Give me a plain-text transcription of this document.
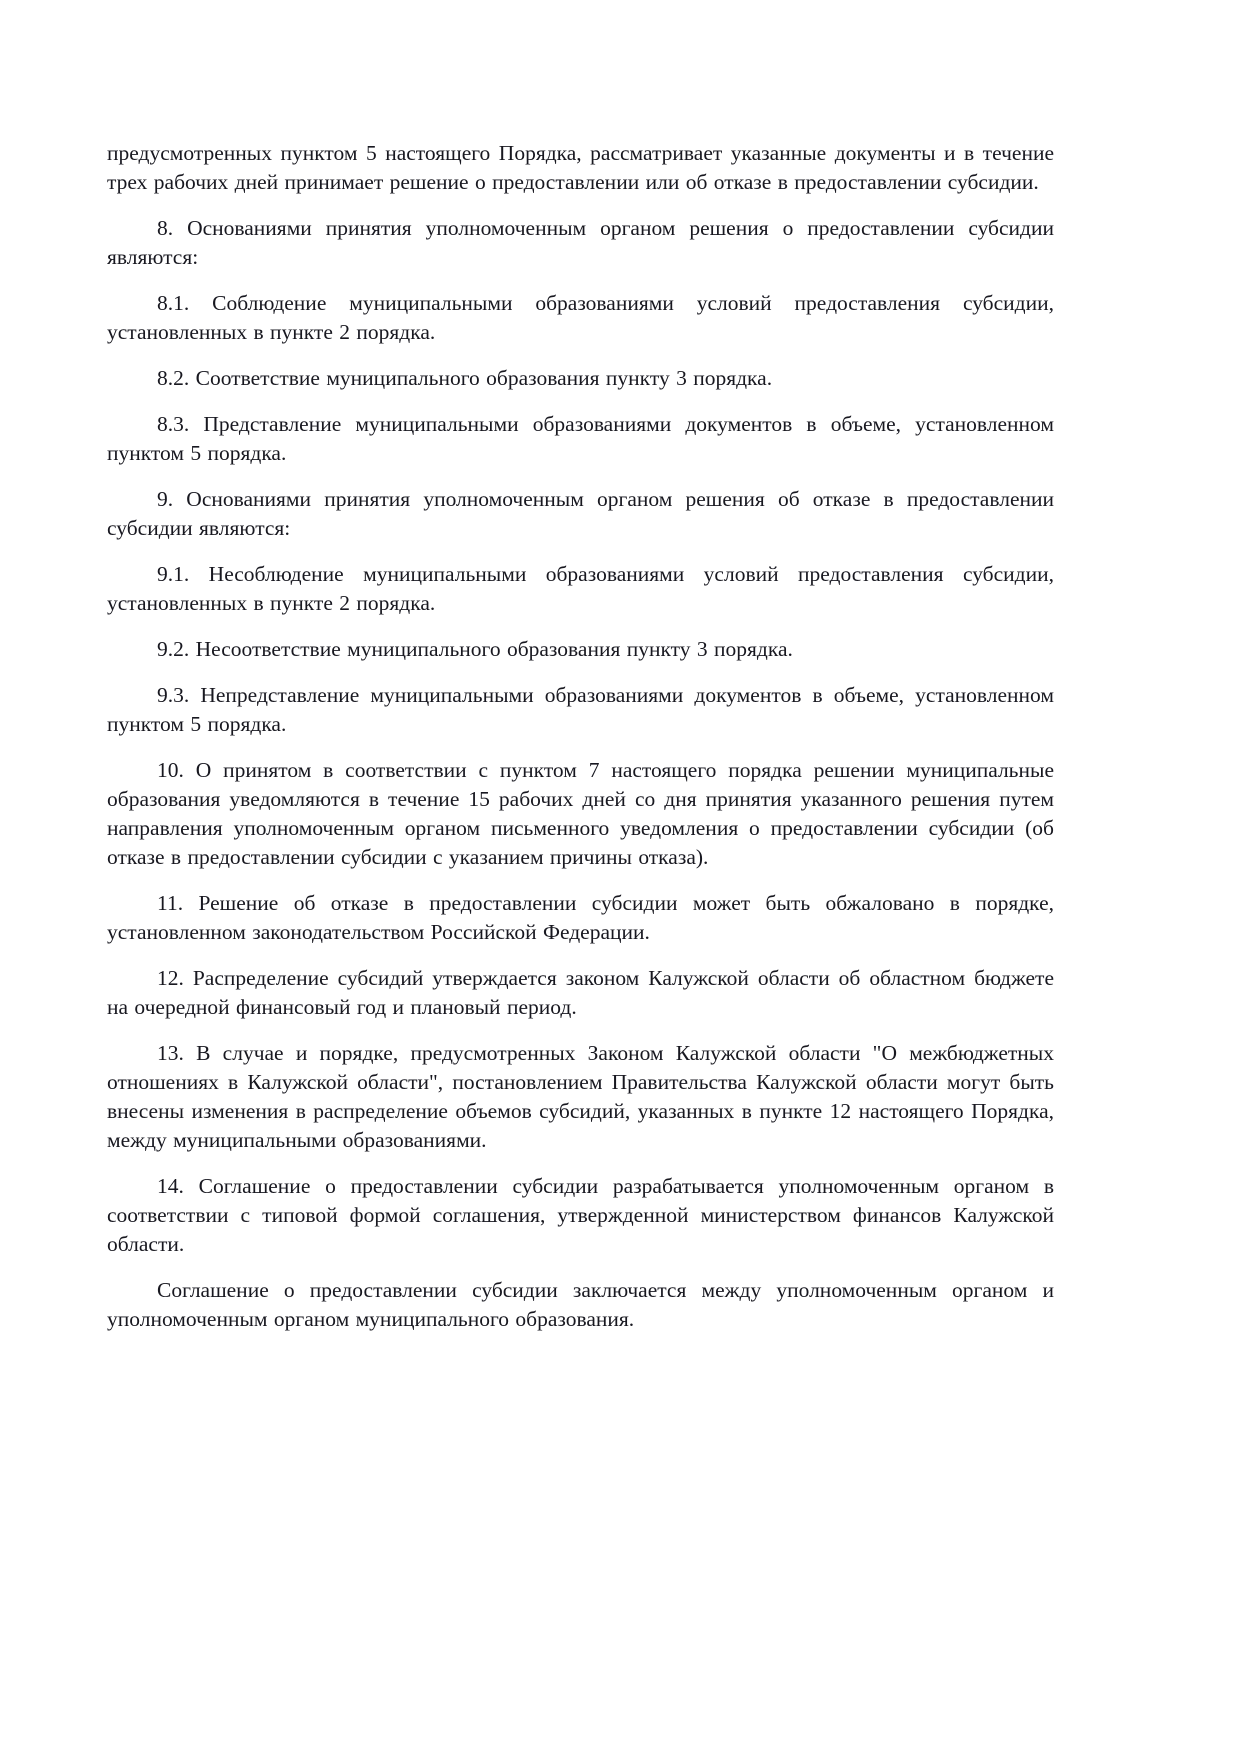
предусмотренных пунктом 5 настоящего Порядка, рассматривает указанные документы и в течение трех рабочих дней принимает решение о предоставлении или об отказе в предоставлении субсидии.

8. Основаниями принятия уполномоченным органом решения о предоставлении субсидии являются:

8.1. Соблюдение муниципальными образованиями условий предоставления субсидии, установленных в пункте 2 порядка.

8.2. Соответствие муниципального образования пункту 3 порядка.

8.3. Представление муниципальными образованиями документов в объеме, установленном пунктом 5 порядка.

9. Основаниями принятия уполномоченным органом решения об отказе в предоставлении субсидии являются:

9.1. Несоблюдение муниципальными образованиями условий предоставления субсидии, установленных в пункте 2 порядка.

9.2. Несоответствие муниципального образования пункту 3 порядка.

9.3. Непредставление муниципальными образованиями документов в объеме, установленном пунктом 5 порядка.

10. О принятом в соответствии с пунктом 7 настоящего порядка решении муниципальные образования уведомляются в течение 15 рабочих дней со дня принятия указанного решения путем направления уполномоченным органом письменного уведомления о предоставлении субсидии (об отказе в предоставлении субсидии с указанием причины отказа).

11. Решение об отказе в предоставлении субсидии может быть обжаловано в порядке, установленном законодательством Российской Федерации.

12. Распределение субсидий утверждается законом Калужской области об областном бюджете на очередной финансовый год и плановый период.

13. В случае и порядке, предусмотренных Законом Калужской области "О межбюджетных отношениях в Калужской области", постановлением Правительства Калужской области могут быть внесены изменения в распределение объемов субсидий, указанных в пункте 12 настоящего Порядка, между муниципальными образованиями.

14. Соглашение о предоставлении субсидии разрабатывается уполномоченным органом в соответствии с типовой формой соглашения, утвержденной министерством финансов Калужской области.

Соглашение о предоставлении субсидии заключается между уполномоченным органом и уполномоченным органом муниципального образования.
